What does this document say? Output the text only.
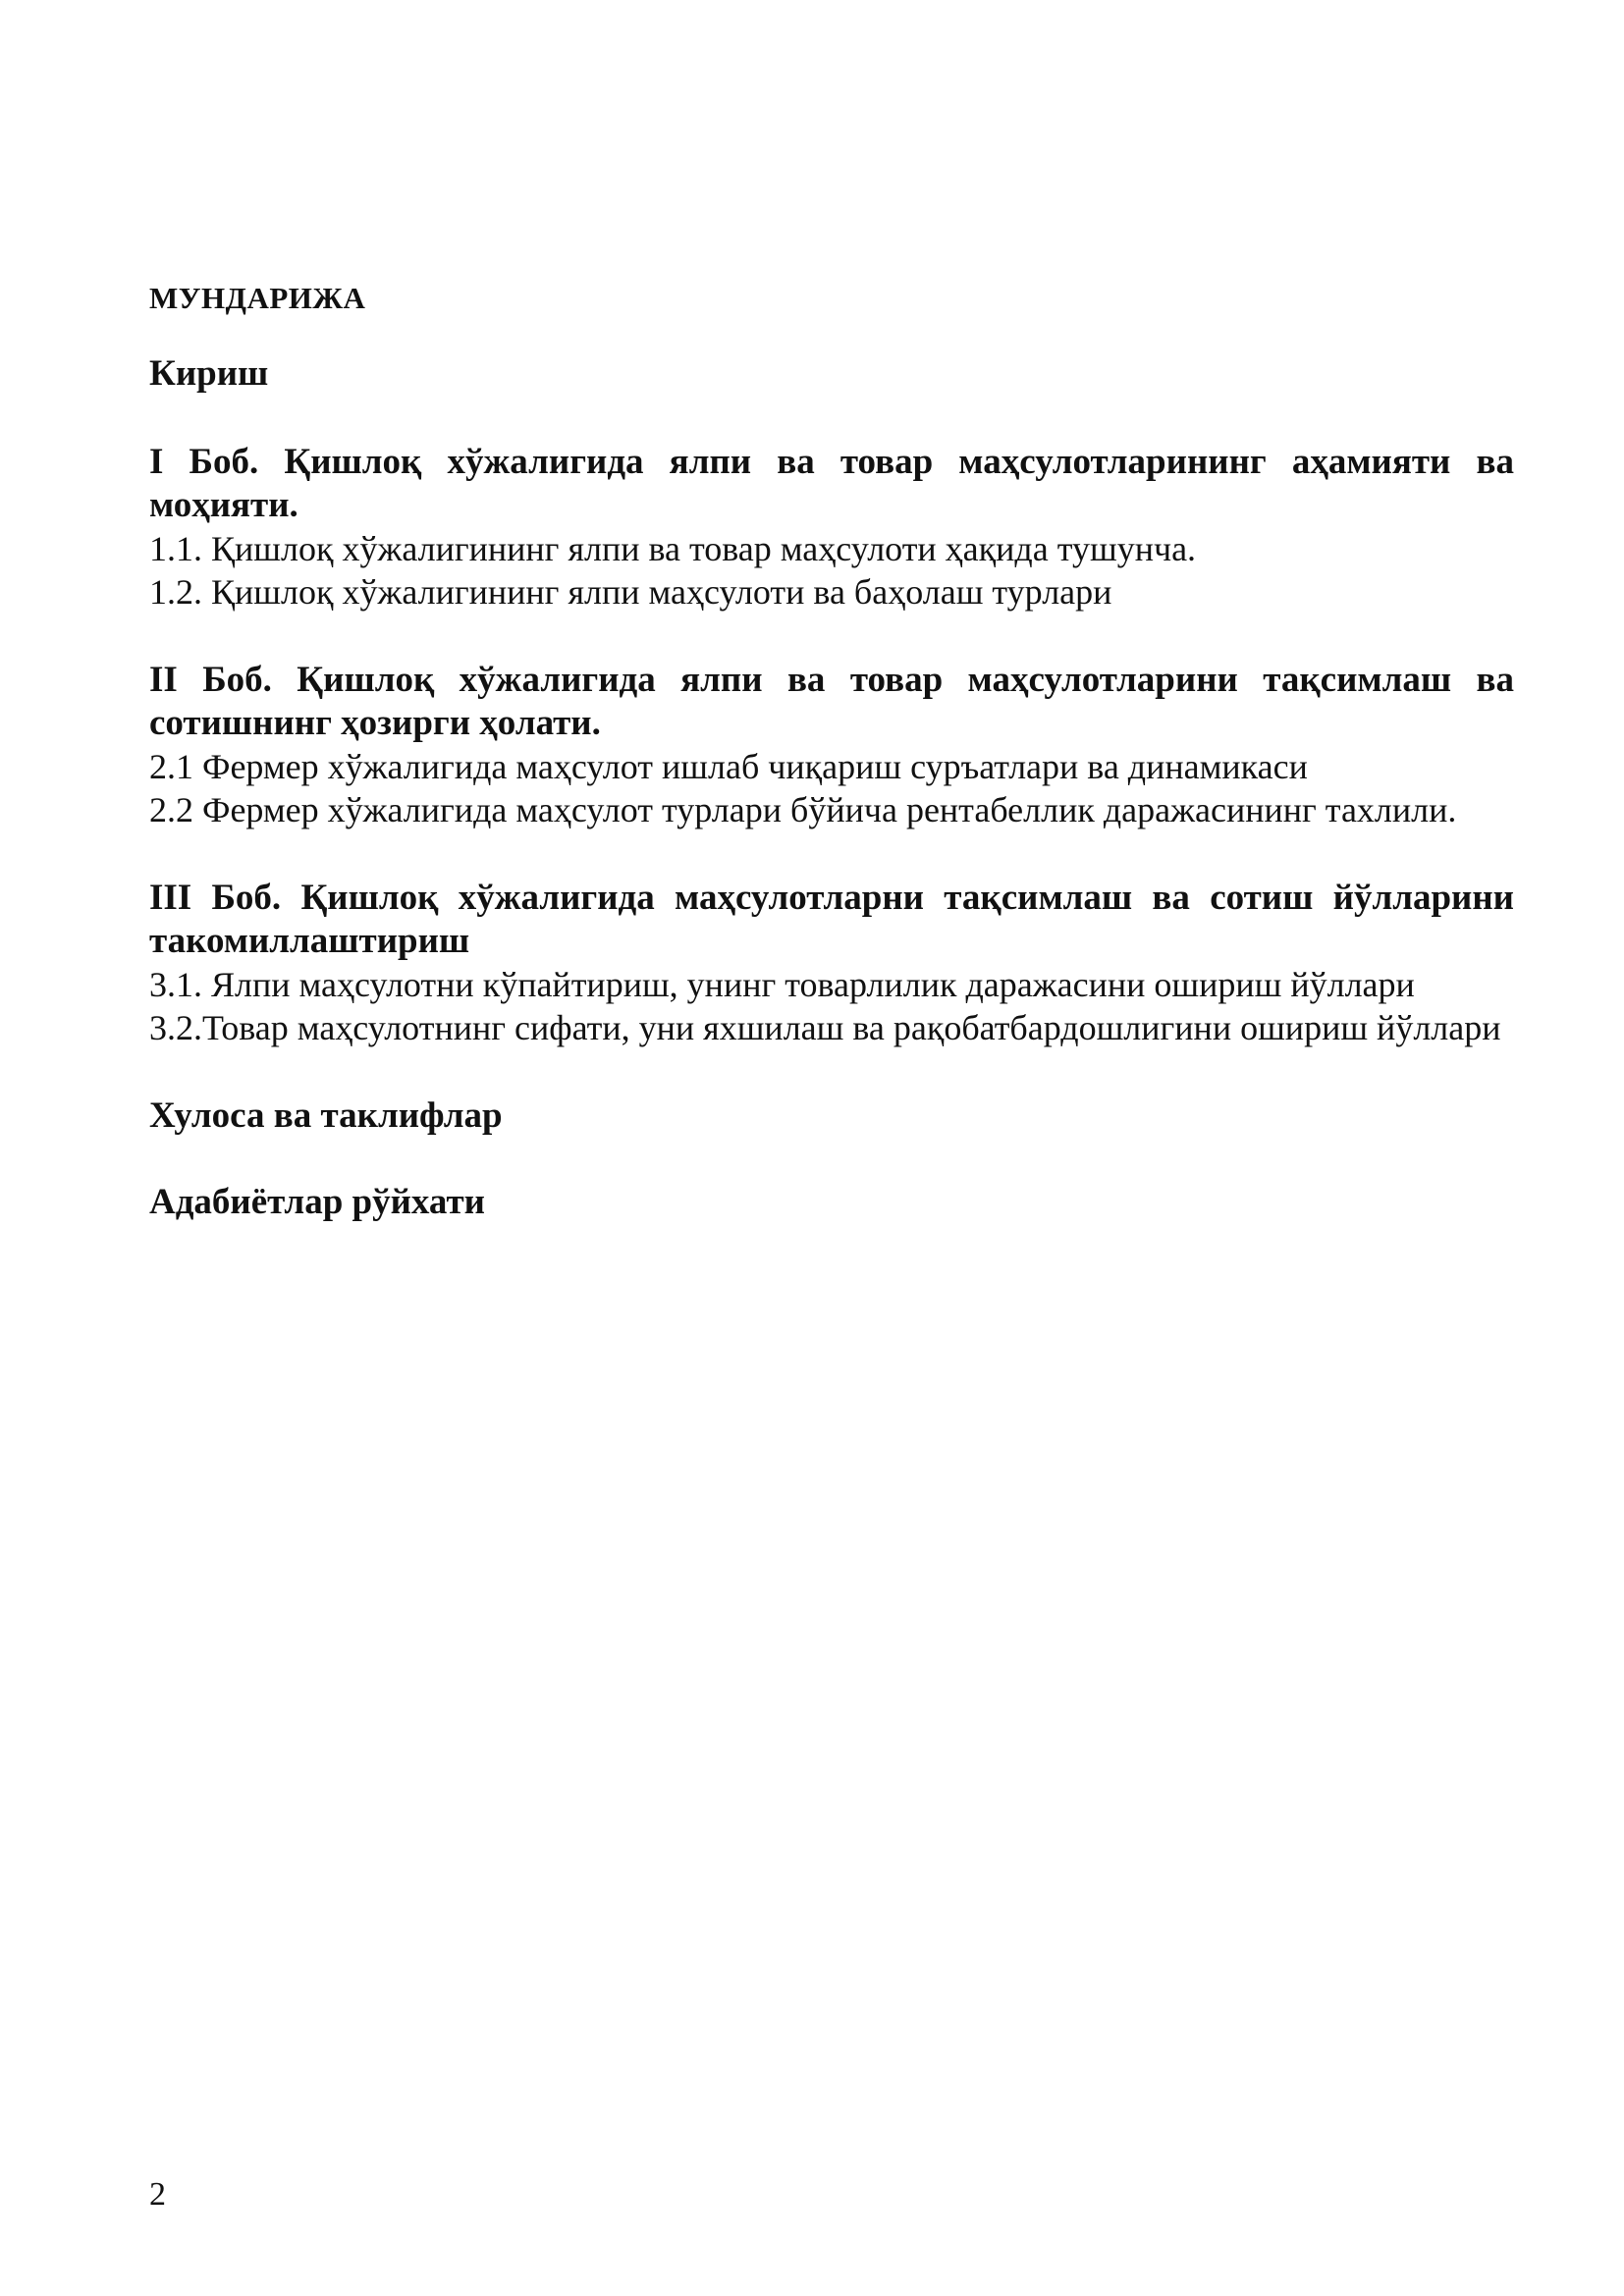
МУНДАРИЖА
Кириш
I Боб. Қишлоқ хўжалигида ялпи ва товар маҳсулотларининг аҳамияти ва моҳияти.
1.1. Қишлоқ хўжалигининг ялпи ва товар маҳсулоти ҳақида тушунча.
1.2. Қишлоқ хўжалигининг ялпи маҳсулоти ва баҳолаш турлари
II Боб. Қишлоқ хўжалигида ялпи ва товар маҳсулотларини тақсимлаш ва сотишнинг ҳозирги ҳолати.
2.1 Фермер хўжалигида маҳсулот ишлаб чиқариш суръатлари ва динамикаси
2.2 Фермер хўжалигида маҳсулот турлари бўйича рентабеллик даражасининг тахлили.
III Боб. Қишлоқ хўжалигида маҳсулотларни тақсимлаш ва сотиш йўлларини такомиллаштириш
3.1. Ялпи маҳсулотни кўпайтириш, унинг товарлилик даражасини ошириш йўллари
3.2.Товар маҳсулотнинг сифати, уни яхшилаш ва рақобатбардошлигини ошириш йўллари
Хулоса ва таклифлар
Адабиётлар рўйхати
2
